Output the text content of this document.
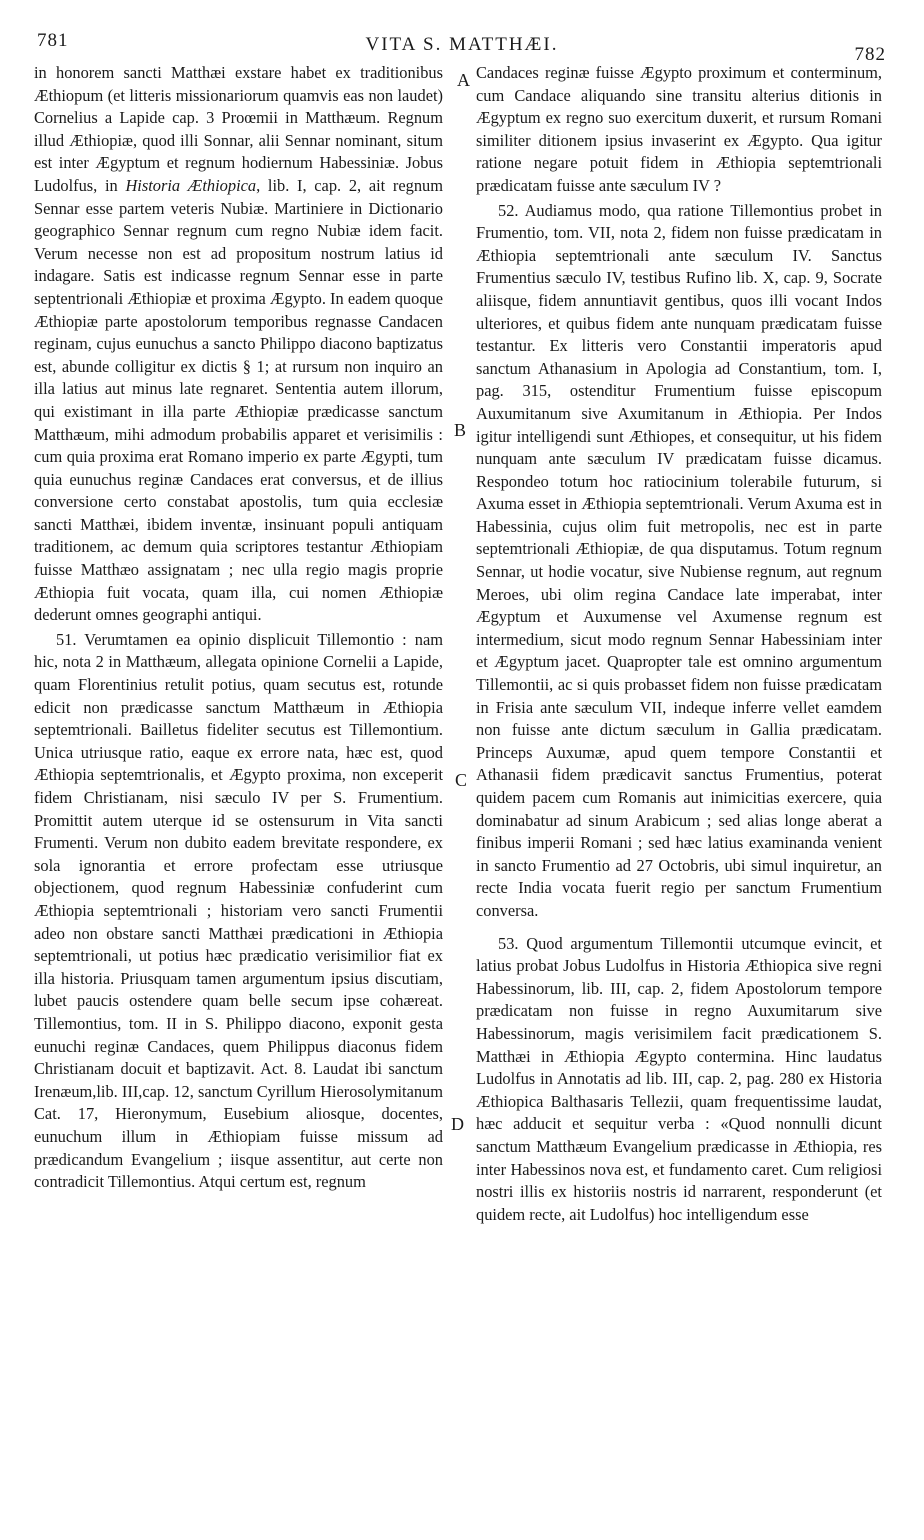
781	VITA S. MATTHÆI.	782
A
B
C
D

in honorem sancti Matthæi exstare habet ex traditionibus Æthiopum (et litteris missionariorum quamvis eas non laudet) Cornelius a Lapide cap. 3 Proœmii in Matthæum. Regnum illud Æthiopiæ, quod illi Sonnar, alii Sennar nominant, situm est inter Ægyptum et regnum hodiernum Habessiniæ. Jobus Ludolfus, in Historia Æthiopica, lib. I, cap. 2, ait regnum Sennar esse partem veteris Nubiæ. Martiniere in Dictionario geographico Sennar regnum cum regno Nubiæ idem facit. Verum necesse non est ad propositum nostrum latius id indagare. Satis est indicasse regnum Sennar esse in parte septentrionali Æthiopiæ et proxima Ægypto. In eadem quoque Æthiopiæ parte apostolorum temporibus regnasse Candacen reginam, cujus eunuchus a sancto Philippo diacono baptizatus est, abunde colligitur ex dictis § 1; at rursum non inquiro an illa latius aut minus late regnaret. Sententia autem illorum, qui existimant in illa parte Æthiopiæ prædicasse sanctum Matthæum, mihi admodum probabilis apparet et verisimilis : cum quia proxima erat Romano imperio ex parte Ægypti, tum quia eunuchus reginæ Candaces erat conversus, et de illius conversione certo constabat apostolis, tum quia ecclesiæ sancti Matthæi, ibidem inventæ, insinuant populi antiquam traditionem, ac demum quia scriptores testantur Æthiopiam fuisse Matthæo assignatam ; nec ulla regio magis proprie Æthiopia fuit vocata, quam illa, cui nomen Æthiopiæ dederunt omnes geographi antiqui.

51. Verumtamen ea opinio displicuit Tillemontio : nam hic, nota 2 in Matthæum, allegata opinione Cornelii a Lapide, quam Florentinius retulit potius, quam secutus est, rotunde edicit non prædicasse sanctum Matthæum in Æthiopia septemtrionali. Bailletus fideliter secutus est Tillemontium. Unica utriusque ratio, eaque ex errore nata, hæc est, quod Æthiopia septemtrionalis, et Ægypto proxima, non exceperit fidem Christianam, nisi sæculo IV per S. Frumentium. Promittit autem uterque id se ostensurum in Vita sancti Frumenti. Verum non dubito eadem brevitate respondere, ex sola ignorantia et errore profectam esse utriusque objectionem, quod regnum Habessiniæ confuderint cum Æthiopia septemtrionali ; historiam vero sancti Frumentii adeo non obstare sancti Matthæi prædicationi in Æthiopia septemtrionali, ut potius hæc prædicatio verisimilior fiat ex illa historia. Priusquam tamen argumentum ipsius discutiam, lubet paucis ostendere quam belle secum ipse cohæreat. Tillemontius, tom. II in S. Philippo diacono, exponit gesta eunuchi reginæ Candaces, quem Philippus diaconus fidem Christianam docuit et baptizavit. Act. 8. Laudat ibi sanctum Irenæum,lib. III,cap. 12, sanctum Cyrillum Hierosolymitanum Cat. 17, Hieronymum, Eusebium aliosque, docentes, eunuchum illum in Æthiopiam fuisse missum ad prædicandum Evangelium ; iisque assentitur, aut certe non contradicit Tillemontius. Atqui certum est, regnum

Candaces reginæ fuisse Ægypto proximum et conterminum, cum Candace aliquando sine transitu alterius ditionis in Ægyptum ex regno suo exercitum duxerit, et rursum Romani similiter ditionem ipsius invaserint ex Ægypto. Qua igitur ratione negare potuit fidem in Æthiopia septemtrionali prædicatam fuisse ante sæculum IV ?

52. Audiamus modo, qua ratione Tillemontius probet in Frumentio, tom. VII, nota 2, fidem non fuisse prædicatam in Æthiopia septemtrionali ante sæculum IV. Sanctus Frumentius sæculo IV, testibus Rufino lib. X, cap. 9, Socrate aliisque, fidem annuntiavit gentibus, quos illi vocant Indos ulteriores, et quibus fidem ante nunquam prædicatam fuisse testantur. Ex litteris vero Constantii imperatoris apud sanctum Athanasium in Apologia ad Constantium, tom. I, pag. 315, ostenditur Frumentium fuisse episcopum Auxumitanum sive Axumitanum in Æthiopia. Per Indos igitur intelligendi sunt Æthiopes, et consequitur, ut his fidem nunquam ante sæculum IV prædicatam fuisse dicamus. Respondeo totum hoc ratiocinium tolerabile futurum, si Axuma esset in Æthiopia septemtrionali. Verum Axuma est in Habessinia, cujus olim fuit metropolis, nec est in parte septemtrionali Æthiopiæ, de qua disputamus. Totum regnum Sennar, ut hodie vocatur, sive Nubiense regnum, aut regnum Meroes, ubi olim regina Candace late imperabat, inter Ægyptum et Auxumense vel Axumense regnum est intermedium, sicut modo regnum Sennar Habessiniam inter et Ægyptum jacet. Quapropter tale est omnino argumentum Tillemontii, ac si quis probasset fidem non fuisse prædicatam in Frisia ante sæculum VII, indeque inferre vellet eamdem non fuisse ante dictum sæculum in Gallia prædicatam. Princeps Auxumæ, apud quem tempore Constantii et Athanasii fidem prædicavit sanctus Frumentius, poterat quidem pacem cum Romanis aut inimicitias exercere, quia dominabatur ad sinum Arabicum ; sed alias longe aberat a finibus imperii Romani ; sed hæc latius examinanda venient in sancto Frumentio ad 27 Octobris, ubi simul inquiretur, an recte India vocata fuerit regio per sanctum Frumentium conversa.

53. Quod argumentum Tillemontii utcumque evincit, et latius probat Jobus Ludolfus in Historia Æthiopica sive regni Habessinorum, lib. III, cap. 2, fidem Apostolorum tempore prædicatam non fuisse in regno Auxumitarum sive Habessinorum, magis verisimilem facit prædicationem S. Matthæi in Æthiopia Ægypto contermina. Hinc laudatus Ludolfus in Annotatis ad lib. III, cap. 2, pag. 280 ex Historia Æthiopica Balthasaris Tellezii, quam frequentissime laudat, hæc adducit et sequitur verba : «Quod nonnulli dicunt sanctum Matthæum Evangelium prædicasse in Æthiopia, res inter Habessinos nova est, et fundamento caret. Cum religiosi nostri illis ex historiis nostris id narrarent, responderunt (et quidem recte, ait Ludolfus) hoc intelligendum esse
